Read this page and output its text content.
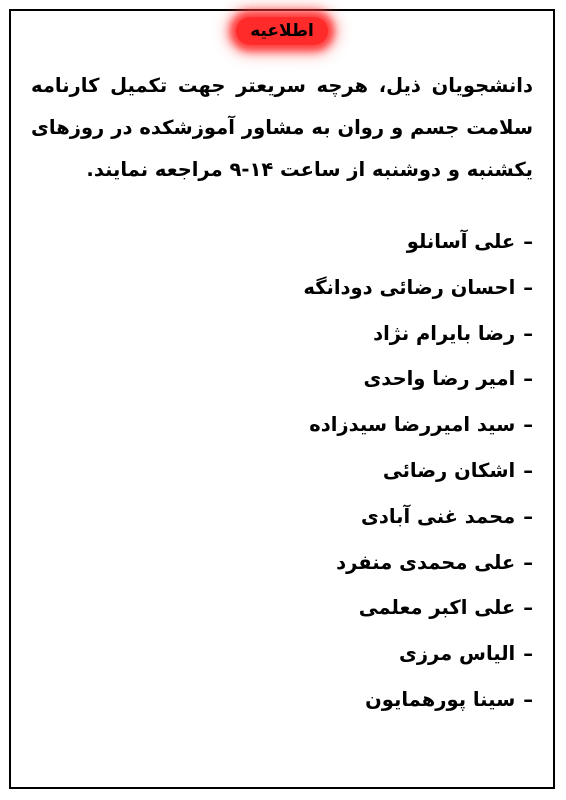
اطلاعیه

دانشجویان ذیل، هرچه سریعتر جهت تکمیل کارنامه سلامت جسم و روان به مشاور آموزشکده در روزهای یکشنبه و دوشنبه از ساعت ۱۴-۹ مراجعه نمایند.

–علی آسانلو
–احسان رضائی دودانگه
–رضا بایرام نژاد
–امیر رضا واحدی
–سید امیررضا سیدزاده
–اشکان رضائی
–محمد غنی آبادی
–علی محمدی منفرد
–علی اکبر معلمی
–الیاس مرزی
–سینا پورهمایون
